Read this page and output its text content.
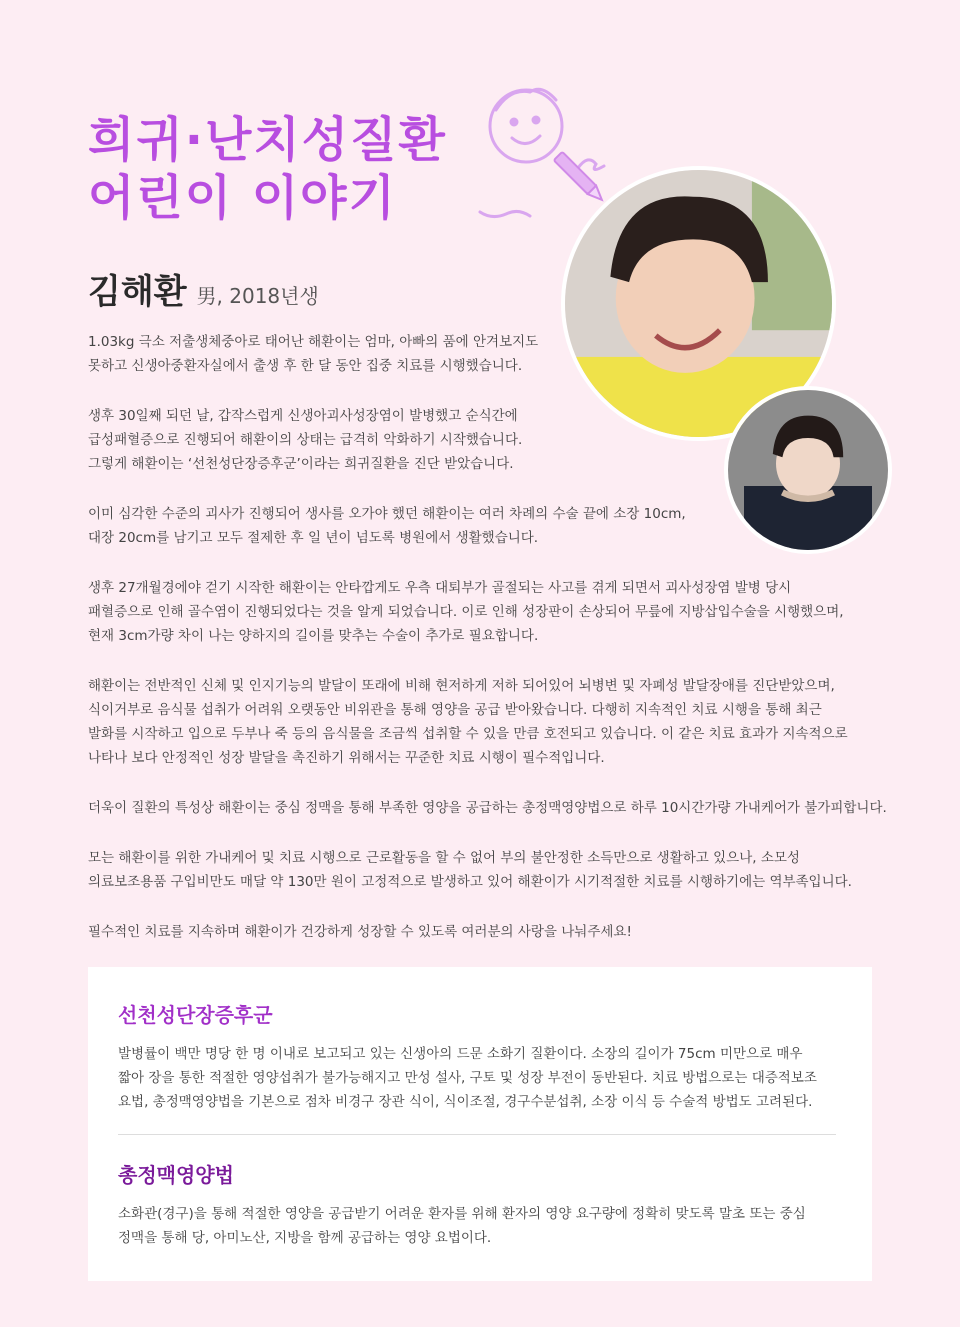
희귀·난치성질환
어린이 이야기
김해환 男, 2018년생

1.03kg 극소 저출생체중아로 태어난 해환이는 엄마, 아빠의 품에 안겨보지도
못하고 신생아중환자실에서 출생 후 한 달 동안 집중 치료를 시행했습니다.

생후 30일째 되던 날, 갑작스럽게 신생아괴사성장염이 발병했고 순식간에
급성패혈증으로 진행되어 해환이의 상태는 급격히 악화하기 시작했습니다.
그렇게 해환이는 ‘선천성단장증후군’이라는 희귀질환을 진단 받았습니다.

이미 심각한 수준의 괴사가 진행되어 생사를 오가야 했던 해환이는 여러 차례의 수술 끝에 소장 10cm,
대장 20cm를 남기고 모두 절제한 후 일 년이 넘도록 병원에서 생활했습니다.

생후 27개월경에야 걷기 시작한 해환이는 안타깝게도 우측 대퇴부가 골절되는 사고를 겪게 되면서 괴사성장염 발병 당시
패혈증으로 인해 골수염이 진행되었다는 것을 알게 되었습니다. 이로 인해 성장판이 손상되어 무릎에 지방삽입수술을 시행했으며,
현재 3cm가량 차이 나는 양하지의 길이를 맞추는 수술이 추가로 필요합니다.

해환이는 전반적인 신체 및 인지기능의 발달이 또래에 비해 현저하게 저하 되어있어 뇌병변 및 자폐성 발달장애를 진단받았으며,
식이거부로 음식물 섭취가 어려워 오랫동안 비위관을 통해 영양을 공급 받아왔습니다. 다행히 지속적인 치료 시행을 통해 최근
발화를 시작하고 입으로 두부나 죽 등의 음식물을 조금씩 섭취할 수 있을 만큼 호전되고 있습니다. 이 같은 치료 효과가 지속적으로
나타나 보다 안정적인 성장 발달을 촉진하기 위해서는 꾸준한 치료 시행이 필수적입니다.

더욱이 질환의 특성상 해환이는 중심 정맥을 통해 부족한 영양을 공급하는 총정맥영양법으로 하루 10시간가량 가내케어가 불가피합니다.

모는 해환이를 위한 가내케어 및 치료 시행으로 근로활동을 할 수 없어 부의 불안정한 소득만으로 생활하고 있으나, 소모성
의료보조용품 구입비만도 매달 약 130만 원이 고정적으로 발생하고 있어 해환이가 시기적절한 치료를 시행하기에는 역부족입니다.

필수적인 치료를 지속하며 해환이가 건강하게 성장할 수 있도록 여러분의 사랑을 나눠주세요!

선천성단장증후군

발병률이 백만 명당 한 명 이내로 보고되고 있는 신생아의 드문 소화기 질환이다. 소장의 길이가 75cm 미만으로 매우
짧아 장을 통한 적절한 영양섭취가 불가능해지고 만성 설사, 구토 및 성장 부전이 동반된다. 치료 방법으로는 대증적보조
요법, 총정맥영양법을 기본으로 점차 비경구 장관 식이, 식이조절, 경구수분섭취, 소장 이식 등 수술적 방법도 고려된다.

총정맥영양법

소화관(경구)을 통해 적절한 영양을 공급받기 어려운 환자를 위해 환자의 영양 요구량에 정확히 맞도록 말초 또는 중심
정맥을 통해 당, 아미노산, 지방을 함께 공급하는 영양 요법이다.
